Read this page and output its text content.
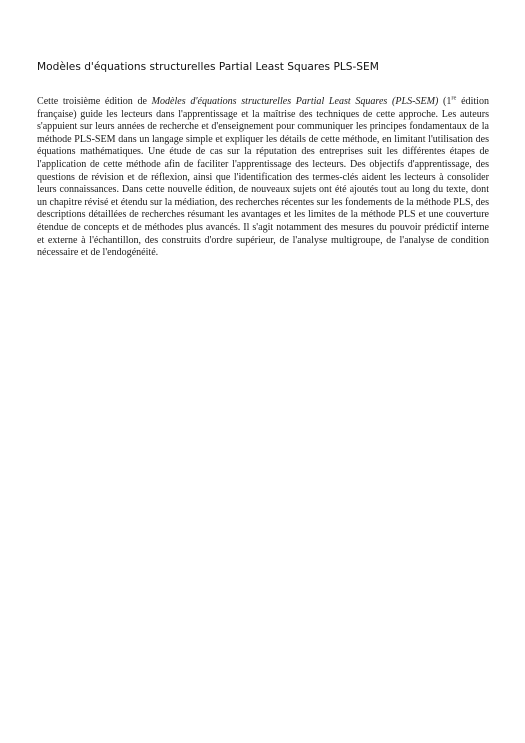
Modèles d'équations structurelles Partial Least Squares PLS-SEM

Cette troisième édition de Modèles d'équations structurelles Partial Least Squares (PLS-SEM) (1re édition française) guide les lecteurs dans l'apprentissage et la maîtrise des techniques de cette approche. Les auteurs s'appuient sur leurs années de recherche et d'enseignement pour communiquer les principes fondamentaux de la méthode PLS-SEM dans un langage simple et expliquer les détails de cette méthode, en limitant l'utilisation des équations mathématiques. Une étude de cas sur la réputation des entreprises suit les différentes étapes de l'application de cette méthode afin de faciliter l'apprentissage des lecteurs. Des objectifs d'apprentissage, des questions de révision et de réflexion, ainsi que l'identification des termes-clés aident les lecteurs à consolider leurs connaissances. Dans cette nouvelle édition, de nouveaux sujets ont été ajoutés tout au long du texte, dont un chapitre révisé et étendu sur la médiation, des recherches récentes sur les fondements de la méthode PLS, des descriptions détaillées de recherches résumant les avantages et les limites de la méthode PLS et une couverture étendue de concepts et de méthodes plus avancés. Il s'agit notamment des mesures du pouvoir prédictif interne et externe à l'échantillon, des construits d'ordre supérieur, de l'analyse multigroupe, de l'analyse de condition nécessaire et de l'endogénéité.
